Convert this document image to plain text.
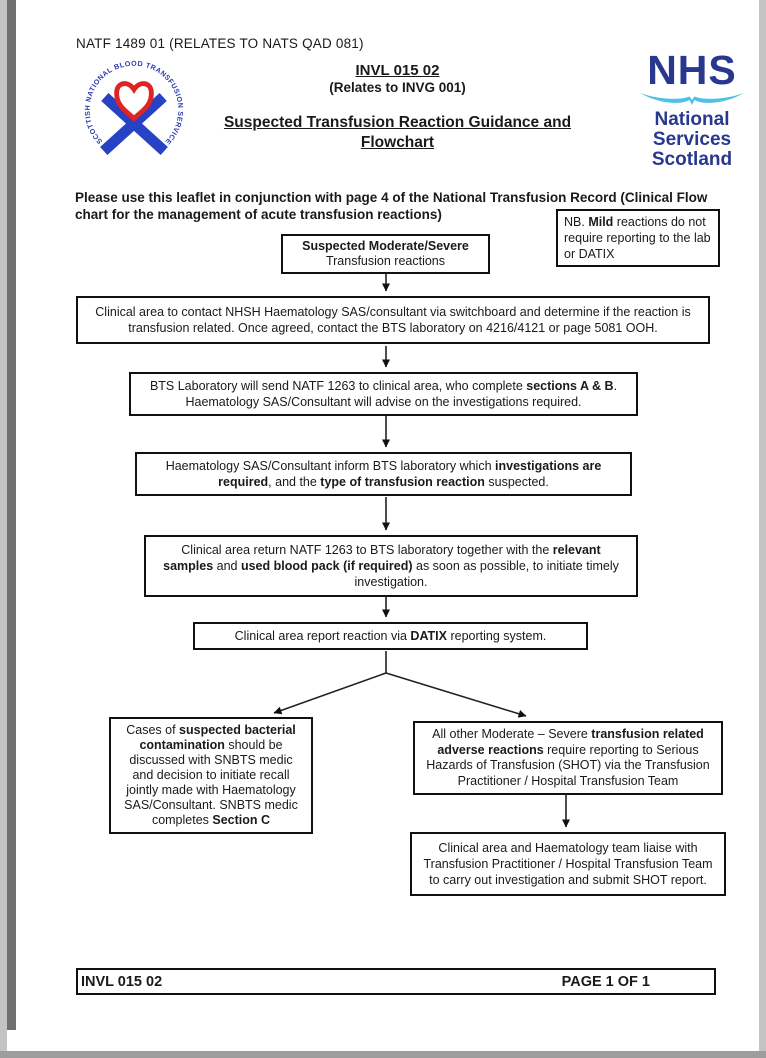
NATF 1489 01 (RELATES TO NATS QAD 081)
SCOTTISH NATIONAL BLOOD TRANSFUSION SERVICE
INVL 015 02
(Relates to INVG 001)
Suspected Transfusion Reaction Guidance and
Flowchart
NHS
National
Services
Scotland
Please use this leaflet in conjunction with page 4 of the National Transfusion Record (Clinical Flow chart for the management of acute transfusion reactions)	NB. Mild reactions do not require reporting to the lab or DATIX
Suspected Moderate/Severe
Transfusion reactions
Clinical area to contact NHSH Haematology SAS/consultant via switchboard and determine if the reaction is transfusion related. Once agreed, contact the BTS laboratory on 4216/4121 or page 5081 OOH.
BTS Laboratory will send NATF 1263 to clinical area, who complete sections A & B. Haematology SAS/Consultant will advise on the investigations required.
Haematology SAS/Consultant inform BTS laboratory which investigations are required, and the type of transfusion reaction suspected.
Clinical area return NATF 1263 to BTS laboratory together with the relevant samples and used blood pack (if required) as soon as possible, to initiate timely investigation.
Clinical area report reaction via DATIX reporting system.
Cases of suspected bacterial contamination should be discussed with SNBTS medic and decision to initiate recall jointly made with Haematology SAS/Consultant. SNBTS medic completes Section C
All other Moderate – Severe transfusion related adverse reactions require reporting to Serious Hazards of Transfusion (SHOT) via the Transfusion Practitioner / Hospital Transfusion Team
Clinical area and Haematology team liaise with Transfusion Practitioner / Hospital Transfusion Team to carry out investigation and submit SHOT report.
INVL 015 02	PAGE 1 OF 1
